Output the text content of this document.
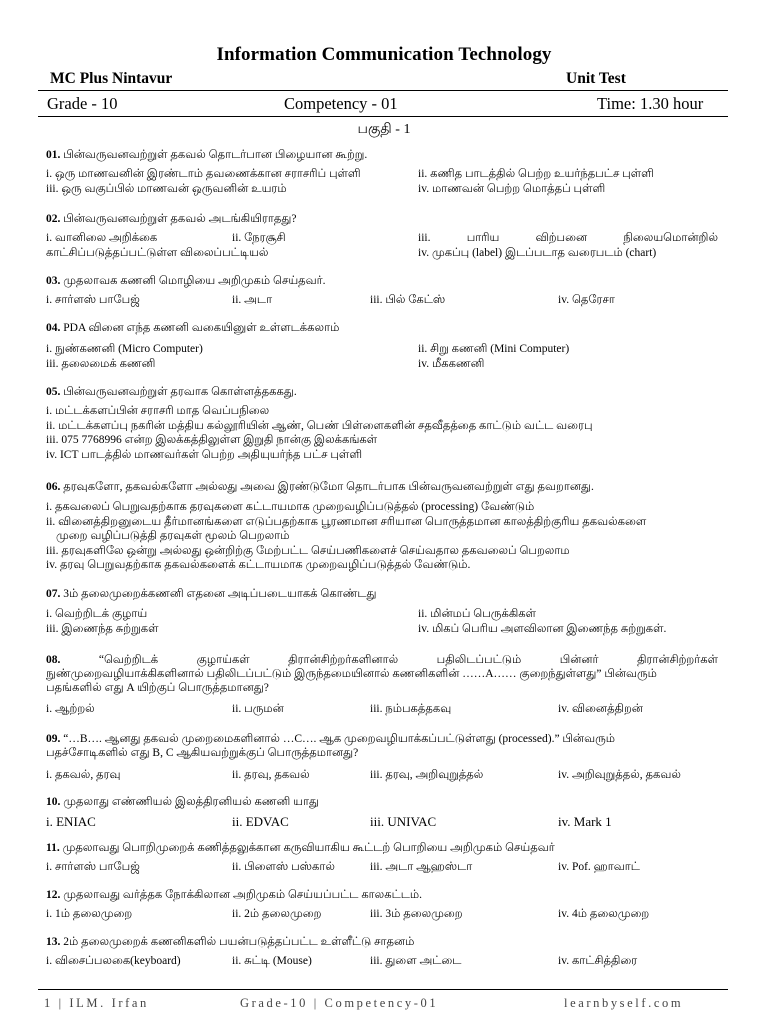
Information Communication Technology
MC Plus Nintavur	Unit Test
Grade - 10	Competency - 01	Time: 1.30 hour
பகுதி - 1
01. பின்வருவனவற்றுள் தகவல் தொடர்பான பிழையான கூற்று.
i. ஒரு மாணவனின் இரண்டாம் தவணைக்கான சராசரிப் புள்ளி	ii. கணித பாடத்தில் பெற்ற உயர்ந்தபட்ச புள்ளி
iii. ஒரு வகுப்பில் மாணவன் ஒருவனின் உயரம்	iv. மாணவன் பெற்ற மொத்தப் புள்ளி
02. பின்வருவனவற்றுள் தகவல் அடங்கியிராதது?
i. வானிலை அறிக்கை	ii. நேரசூசி	iii. பாரிய விற்பனை நிலையமொன்றில்
காட்சிப்படுத்தப்பட்டுள்ள விலைப்பட்டியல்	iv. முகப்பு (label) இடப்படாத வரைபடம் (chart)
03. முதலாவக கணனி மொழியை அறிமுகம் செய்தவர்.
i. சார்ளஸ் பாபேஜ்	ii. அடா	iii. பில் கேட்ஸ்	iv. தெரேசா
04. PDA வினை எந்த கணனி வகையினுள் உள்ளடக்கலாம்
i. நுண்கணனி (Micro Computer)	ii. சிறு கணனி (Mini Computer)
iii. தலைமைக் கணனி	iv. மீககணனி
05. பின்வருவனவற்றுள் தரவாக கொள்ளத்தககது.
i. மட்டக்களப்பின் சராசரி மாத வெப்பநிலை
ii. மட்டக்களப்பு நகரின் மத்திய கல்லூரியின் ஆண், பெண் பிள்ளைகளின் சதவீதத்தை காட்டும் வட்ட வரைபு
iii. 075 7768996 என்ற இலக்கத்திலுள்ள இறுதி நான்கு இலக்கங்கள்
iv. ICT பாடத்தில் மாணவர்கள் பெற்ற அதியுயர்ந்த பட்ச புள்ளி
06. தரவுகளோ, தகவல்களோ அல்லது அவை இரண்டுமோ தொடர்பாக பின்வருவனவற்றுள் எது தவறானது.
i. தகவலைப் பெறுவதற்காக தரவுகளை கட்டாயமாக முறைவழிப்படுத்தல் (processing) வேண்டும்
ii. வினைத்திறனுடைய தீர்மானங்களை எடுப்பதற்காக பூரணமான சரியான பொருத்தமான காலத்திற்குரிய தகவல்களை
முறை வழிப்படுத்தி தரவுகள் மூலம் பெறலாம்
iii. தரவுகளிலே ஒன்று அல்லது ஒன்றிற்கு மேற்பட்ட செய்பணிகளைச் செய்வதால தகவலைப் பெறலாம
iv. தரவு பெறுவதற்காக தகவல்களைக் கட்டாயமாக முறைவழிப்படுத்தல் வேண்டும்.
07. 3ம் தலைமுறைக்கணனி எதனை அடிப்படையாகக் கொண்டது
i. வெற்றிடக் குழாய்	ii. மின்மப் பெருக்கிகள்
iii. இணைந்த சுற்றுகள்	iv. மிகப் பெரிய அளவிலான இணைந்த சுற்றுகள்.
08.	“வெற்றிடக் குழாய்கள் திரான்சிற்றர்களினால் பதிலிடப்பட்டும் பின்னர் திரான்சிற்றர்கள்
நுண்முறைவழியாக்கிகளினால் பதிலிடப்பட்டும் இருந்தமையினால் கணனிகளின் ……A…… குறைந்துள்ளது” பின்வரும்
பதங்களில் எது A யிற்குப் பொருத்தமானது?
i. ஆற்றல்	ii. பருமன்	iii. நம்பகத்தகவு	iv. வினைத்திறன்
09. “…B…. ஆனது தகவல் முறைமைகளினால் …C…. ஆக முறைவழியாக்கப்பட்டுள்ளது (processed).” பின்வரும்
பதச்சோடிகளில் எது B, C ஆகியவற்றுக்குப் பொருத்தமானது?
i. தகவல், தரவு	ii. தரவு, தகவல்	iii. தரவு, அறிவுறுத்தல்	iv. அறிவுறுத்தல், தகவல்
10. முதலாது எண்ணியல் இலத்திரனியல் கணனி யாது
i. ENIAC	ii. EDVAC	iii. UNIVAC	iv. Mark 1
11. முதலாவது பொறிமுறைக் கணித்தலுக்கான கருவியாகிய கூட்டற் பொறியை அறிமுகம் செய்தவர்
i. சார்ளஸ் பாபேஜ்	ii. பிளைஸ் பஸ்கால்	iii. அடா ஆஹஸ்டா	iv. Pof. ஹாவாட்
12. முதலாவது வர்த்தக நோக்கிலான அறிமுகம் செய்யப்பட்ட காலகட்டம்.
i. 1ம் தலைமுறை	ii. 2ம் தலைமுறை	iii. 3ம் தலைமுறை	iv. 4ம் தலைமுறை
13. 2ம் தலைமுறைக் கணனிகளில் பயன்படுத்தப்பட்ட உள்ளீட்டு சாதனம்
i. விசைப்பலகை(keyboard)	ii. சுட்டி (Mouse)	iii. துளை அட்டை	iv. காட்சித்திரை
1 | ILM. Irfan	Grade-10 | Competency-01	learnbyself.com
